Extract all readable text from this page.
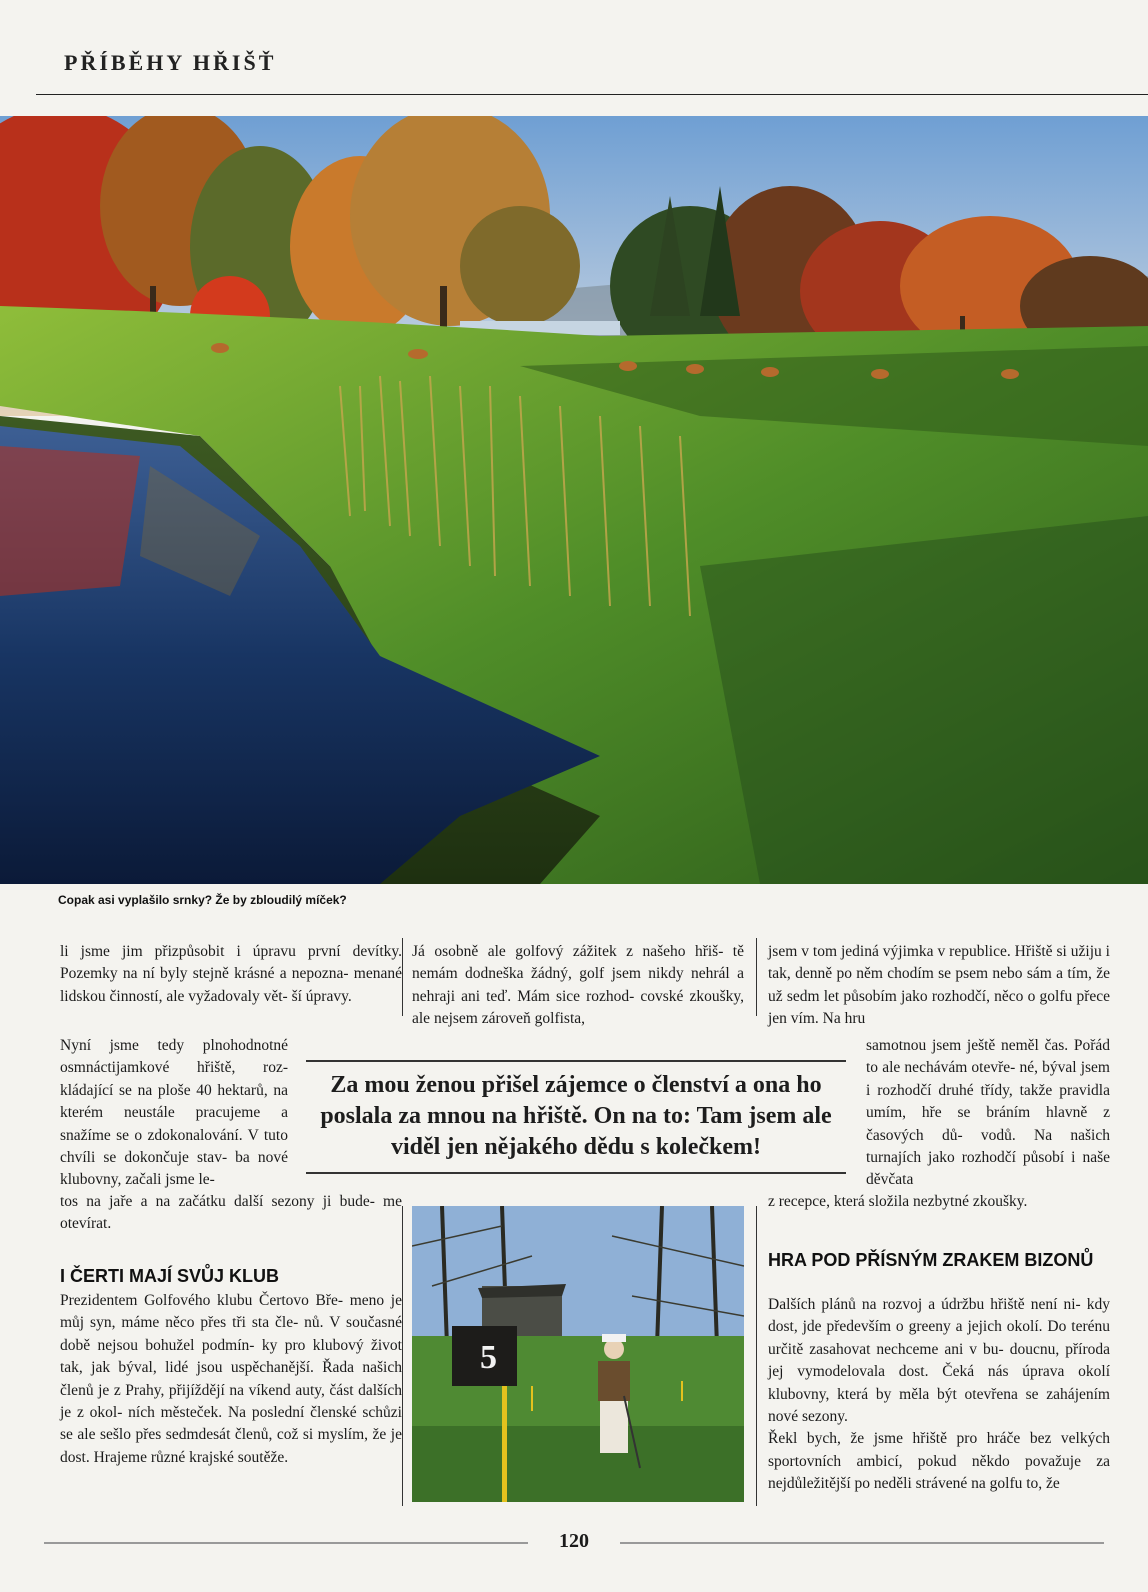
PŘÍBĚHY HŘIŠŤ
Copak asi vyplašilo srnky? Že by zbloudilý míček?

li jsme jim přizpůsobit i úpravu první devítky. Pozemky na ní byly stejně krásné a nepozna- menané lidskou činností, ale vyžadovaly vět- ší úpravy.

Nyní jsme tedy plnohodnotné osmnáctijamkové hřiště, roz- kládající se na ploše 40 hektarů, na kterém neustále pracujeme a snažíme se o zdokonalování. V tuto chvíli se dokončuje stav- ba nové klubovny, začali jsme le-

tos na jaře a na začátku další sezony ji bude- me otevírat.

I ČERTI MAJÍ SVŮJ KLUB

Prezidentem Golfového klubu Čertovo Bře- meno je můj syn, máme něco přes tři sta čle- nů. V současné době nejsou bohužel podmín- ky pro klubový život tak, jak býval, lidé jsou uspěchanější. Řada našich členů je z Prahy, přijíždějí na víkend auty, část dalších je z okol- ních městeček. Na poslední členské schůzi se ale sešlo přes sedmdesát členů, což si myslím, že je dost. Hrajeme různé krajské soutěže.

Já osobně ale golfový zážitek z našeho hřiš- tě nemám dodneška žádný, golf jsem nikdy nehrál a nehraji ani teď. Mám sice rozhod- covské zkoušky, ale nejsem zároveň golfista,

Za mou ženou přišel zájemce o členství a ona ho poslala za mnou na hřiště. On na to: Tam jsem ale viděl jen nějakého dědu s kolečkem!
5

jsem v tom jediná výjimka v republice. Hřiště si užiju i tak, denně po něm chodím se psem nebo sám a tím, že už sedm let působím jako rozhodčí, něco o golfu přece jen vím. Na hru

samotnou jsem ještě neměl čas. Pořád to ale nechávám otevře- né, býval jsem i rozhodčí druhé třídy, takže pravidla umím, hře se bráním hlavně z časových dů- vodů. Na našich turnajích jako rozhodčí působí i naše děvčata

z recepce, která složila nezbytné zkoušky.

HRA POD PŘÍSNÝM ZRAKEM BIZONŮ

Dalších plánů na rozvoj a údržbu hřiště není ni- kdy dost, jde především o greeny a jejich okolí. Do terénu určitě zasahovat nechceme ani v bu- doucnu, příroda jej vymodelovala dost. Čeká nás úprava okolí klubovny, která by měla být otevřena se zahájením nové sezony.

Řekl bych, že jsme hřiště pro hráče bez velkých sportovních ambicí, pokud někdo považuje za nejdůležitější po neděli strávené na golfu to, že

120
